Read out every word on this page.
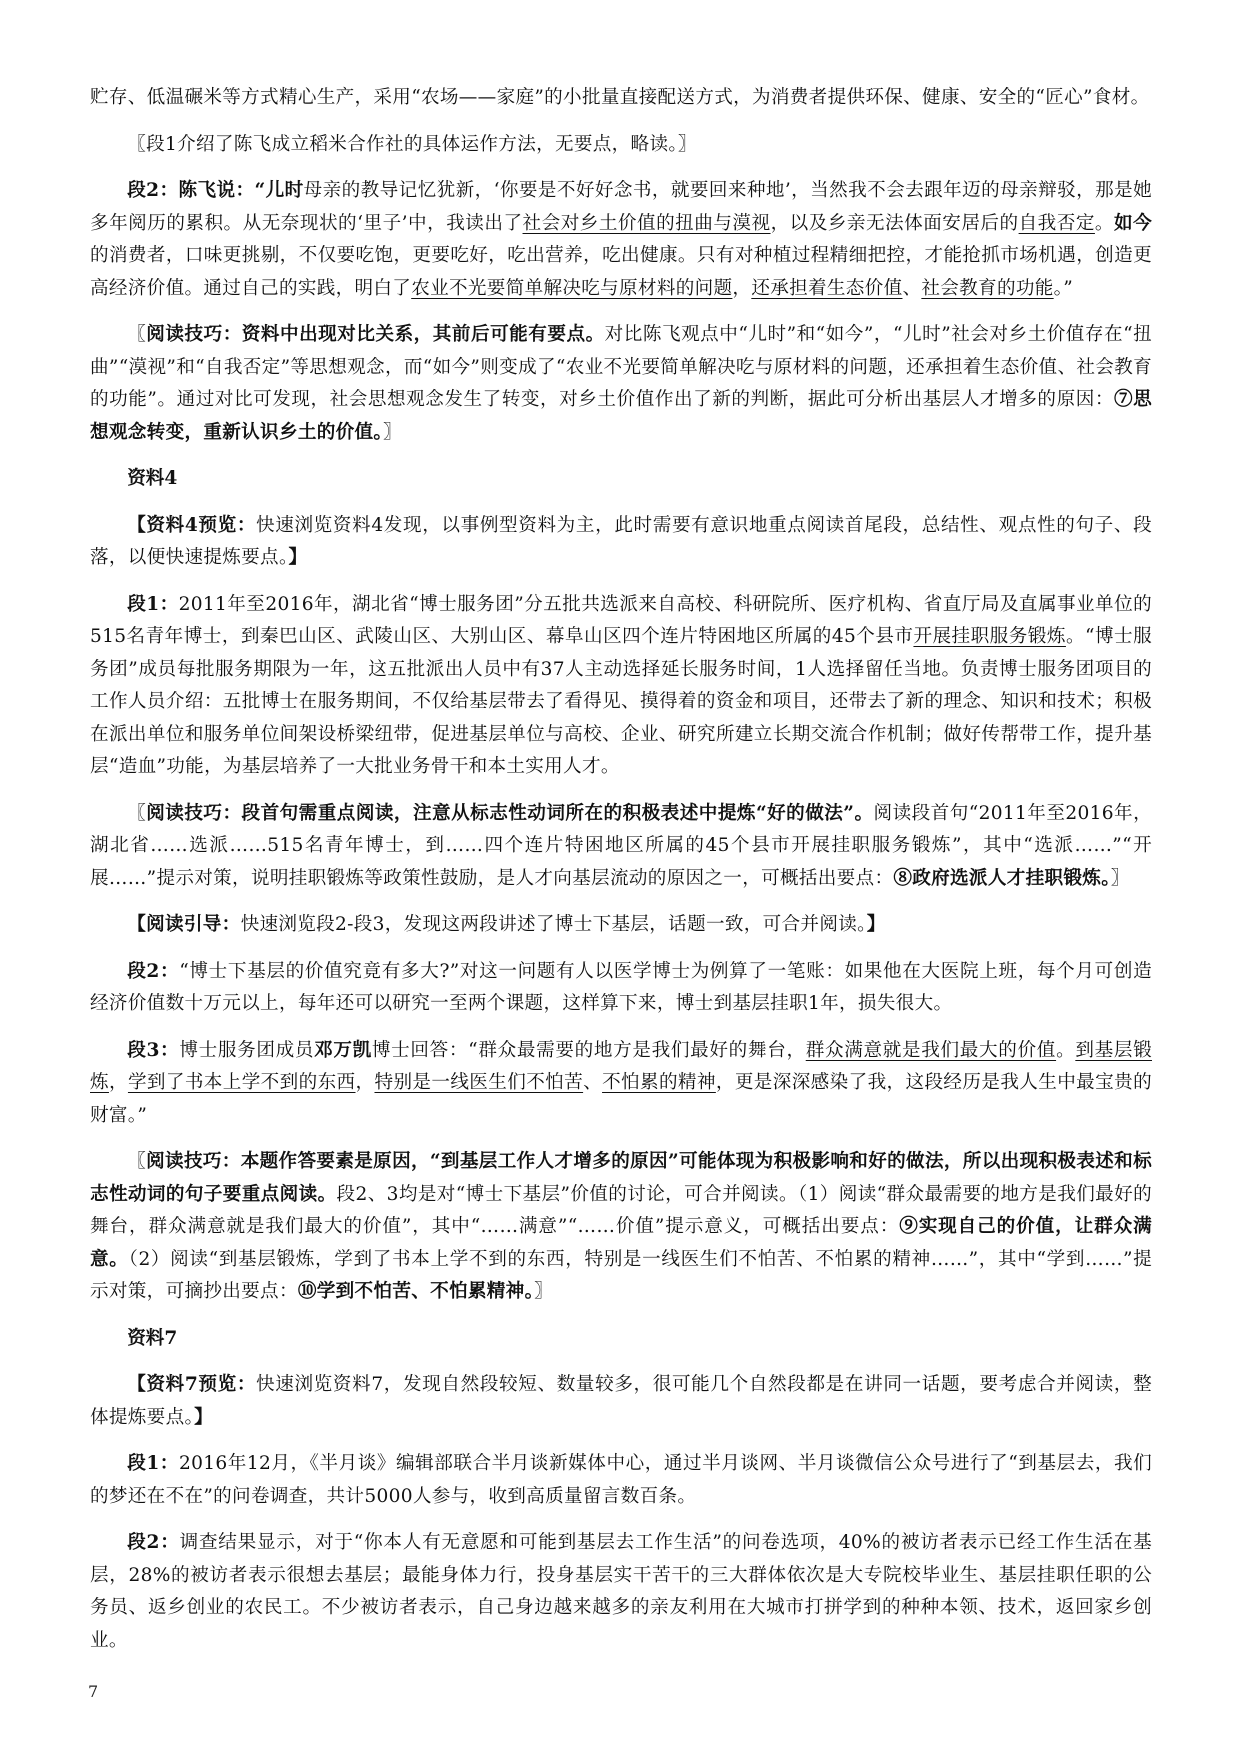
贮存、低温碾米等方式精心生产，采用“农场——家庭”的小批量直接配送方式，为消费者提供环保、健康、安全的“匠心”食材。

〖段1介绍了陈飞成立稻米合作社的具体运作方法，无要点，略读。〗

段2：陈飞说：“儿时母亲的教导记忆犹新，‘你要是不好好念书，就要回来种地’，当然我不会去跟年迈的母亲辩驳，那是她多年阅历的累积。从无奈现状的‘里子’中，我读出了社会对乡土价值的扭曲与漠视，以及乡亲无法体面安居后的自我否定。如今的消费者，口味更挑剔，不仅要吃饱，更要吃好，吃出营养，吃出健康。只有对种植过程精细把控，才能抢抓市场机遇，创造更高经济价值。通过自己的实践，明白了农业不光要简单解决吃与原材料的问题，还承担着生态价值、社会教育的功能。”

〖阅读技巧：资料中出现对比关系，其前后可能有要点。对比陈飞观点中“儿时”和“如今”，“儿时”社会对乡土价值存在“扭曲”“漠视”和“自我否定”等思想观念，而“如今”则变成了“农业不光要简单解决吃与原材料的问题，还承担着生态价值、社会教育的功能”。通过对比可发现，社会思想观念发生了转变，对乡土价值作出了新的判断，据此可分析出基层人才增多的原因：⑦思想观念转变，重新认识乡土的价值。〗

资料4

【资料4预览：快速浏览资料4发现，以事例型资料为主，此时需要有意识地重点阅读首尾段，总结性、观点性的句子、段落，以便快速提炼要点。】

段1：2011年至2016年，湖北省“博士服务团”分五批共选派来自高校、科研院所、医疗机构、省直厅局及直属事业单位的515名青年博士，到秦巴山区、武陵山区、大别山区、幕阜山区四个连片特困地区所属的45个县市开展挂职服务锻炼。“博士服务团”成员每批服务期限为一年，这五批派出人员中有37人主动选择延长服务时间，1人选择留任当地。负责博士服务团项目的工作人员介绍：五批博士在服务期间，不仅给基层带去了看得见、摸得着的资金和项目，还带去了新的理念、知识和技术；积极在派出单位和服务单位间架设桥梁纽带，促进基层单位与高校、企业、研究所建立长期交流合作机制；做好传帮带工作，提升基层“造血”功能，为基层培养了一大批业务骨干和本土实用人才。

〖阅读技巧：段首句需重点阅读，注意从标志性动词所在的积极表述中提炼“好的做法”。阅读段首句“2011年至2016年，湖北省……选派……515名青年博士，到……四个连片特困地区所属的45个县市开展挂职服务锻炼”，其中“选派……”“开展……”提示对策，说明挂职锻炼等政策性鼓励，是人才向基层流动的原因之一，可概括出要点：⑧政府选派人才挂职锻炼。〗

【阅读引导：快速浏览段2-段3，发现这两段讲述了博士下基层，话题一致，可合并阅读。】

段2：“博士下基层的价值究竟有多大?”对这一问题有人以医学博士为例算了一笔账：如果他在大医院上班，每个月可创造经济价值数十万元以上，每年还可以研究一至两个课题，这样算下来，博士到基层挂职1年，损失很大。

段3：博士服务团成员邓万凯博士回答：“群众最需要的地方是我们最好的舞台，群众满意就是我们最大的价值。到基层锻炼，学到了书本上学不到的东西，特别是一线医生们不怕苦、不怕累的精神，更是深深感染了我，这段经历是我人生中最宝贵的财富。”

〖阅读技巧：本题作答要素是原因，“到基层工作人才增多的原因”可能体现为积极影响和好的做法，所以出现积极表述和标志性动词的句子要重点阅读。段2、3均是对“博士下基层”价值的讨论，可合并阅读。（1）阅读“群众最需要的地方是我们最好的舞台，群众满意就是我们最大的价值”，其中“……满意”“……价值”提示意义，可概括出要点：⑨实现自己的价值，让群众满意。（2）阅读“到基层锻炼，学到了书本上学不到的东西，特别是一线医生们不怕苦、不怕累的精神……”，其中“学到……”提示对策，可摘抄出要点：⑩学到不怕苦、不怕累精神。〗

资料7

【资料7预览：快速浏览资料7，发现自然段较短、数量较多，很可能几个自然段都是在讲同一话题，要考虑合并阅读，整体提炼要点。】

段1：2016年12月，《半月谈》编辑部联合半月谈新媒体中心，通过半月谈网、半月谈微信公众号进行了“到基层去，我们的梦还在不在”的问卷调查，共计5000人参与，收到高质量留言数百条。

段2：调查结果显示，对于“你本人有无意愿和可能到基层去工作生活”的问卷选项，40%的被访者表示已经工作生活在基层，28%的被访者表示很想去基层；最能身体力行，投身基层实干苦干的三大群体依次是大专院校毕业生、基层挂职任职的公务员、返乡创业的农民工。不少被访者表示，自己身边越来越多的亲友利用在大城市打拼学到的种种本领、技术，返回家乡创业。

7
